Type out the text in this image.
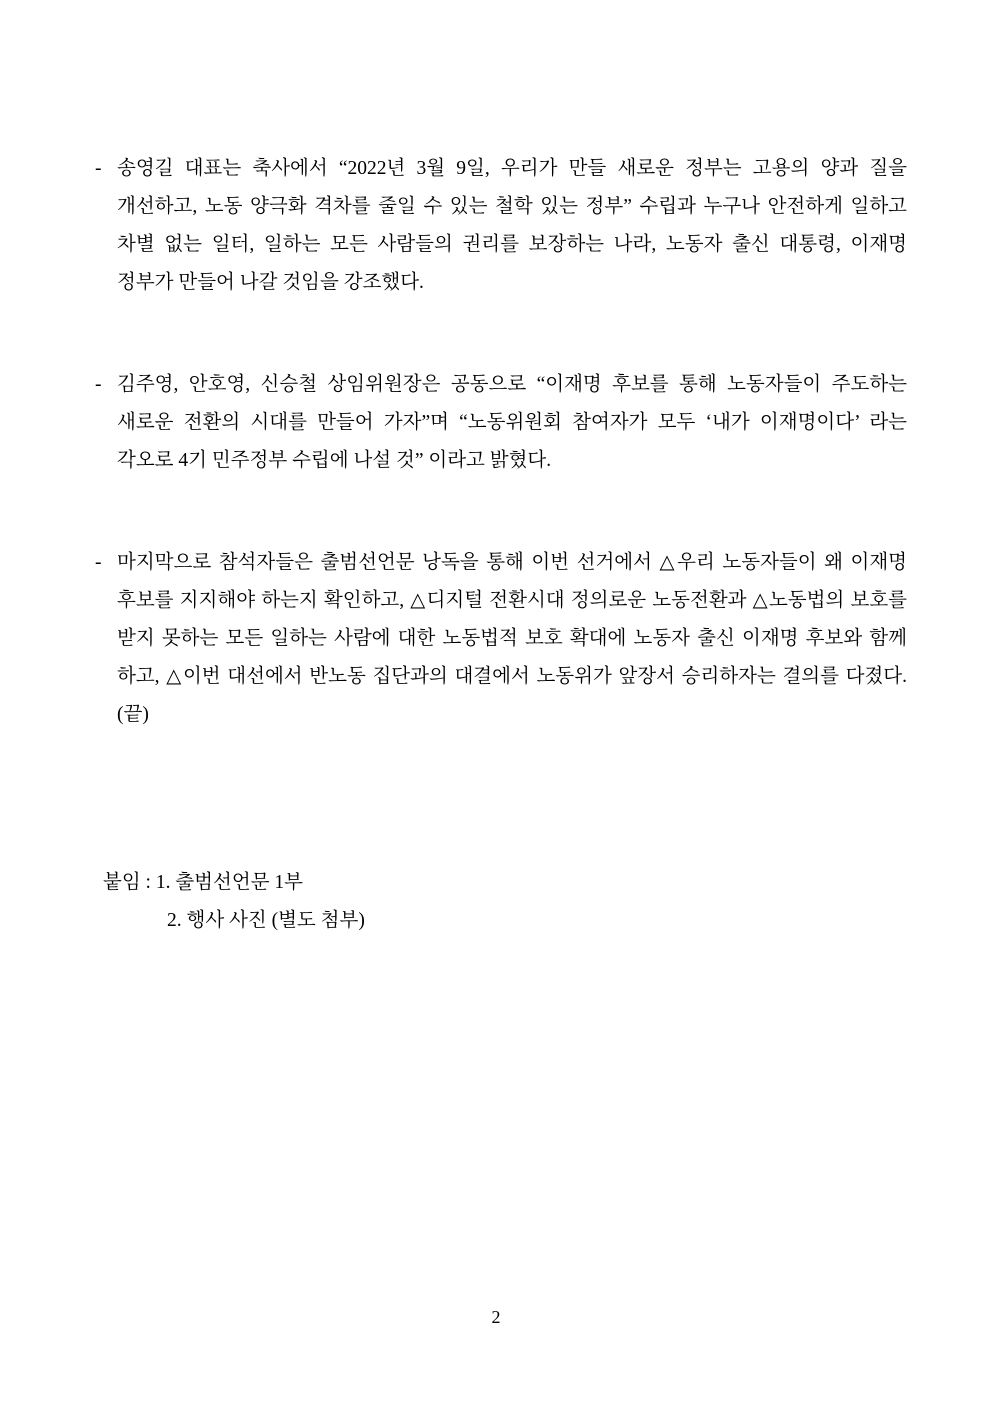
- 송영길 대표는 축사에서 “2022년 3월 9일, 우리가 만들 새로운 정부는 고용의 양과 질을 개선하고, 노동 양극화 격차를 줄일 수 있는 철학 있는 정부” 수립과 누구나 안전하게 일하고 차별 없는 일터, 일하는 모든 사람들의 권리를 보장하는 나라, 노동자 출신 대통령, 이재명 정부가 만들어 나갈 것임을 강조했다.
- 김주영, 안호영, 신승철 상임위원장은 공동으로 “이재명 후보를 통해 노동자들이 주도하는 새로운 전환의 시대를 만들어 가자”며 “노동위원회 참여자가 모두 ‘내가 이재명이다’ 라는 각오로 4기 민주정부 수립에 나설 것” 이라고 밝혔다.
- 마지막으로 참석자들은 출범선언문 낭독을 통해 이번 선거에서 △우리 노동자들이 왜 이재명 후보를 지지해야 하는지 확인하고, △디지털 전환시대 정의로운 노동전환과 △노동법의 보호를 받지 못하는 모든 일하는 사람에 대한 노동법적 보호 확대에 노동자 출신 이재명 후보와 함께 하고, △이번 대선에서 반노동 집단과의 대결에서 노동위가 앞장서 승리하자는 결의를 다졌다. (끝)
붙임 : 1. 출범선언문 1부
2. 행사 사진 (별도 첨부)
2
